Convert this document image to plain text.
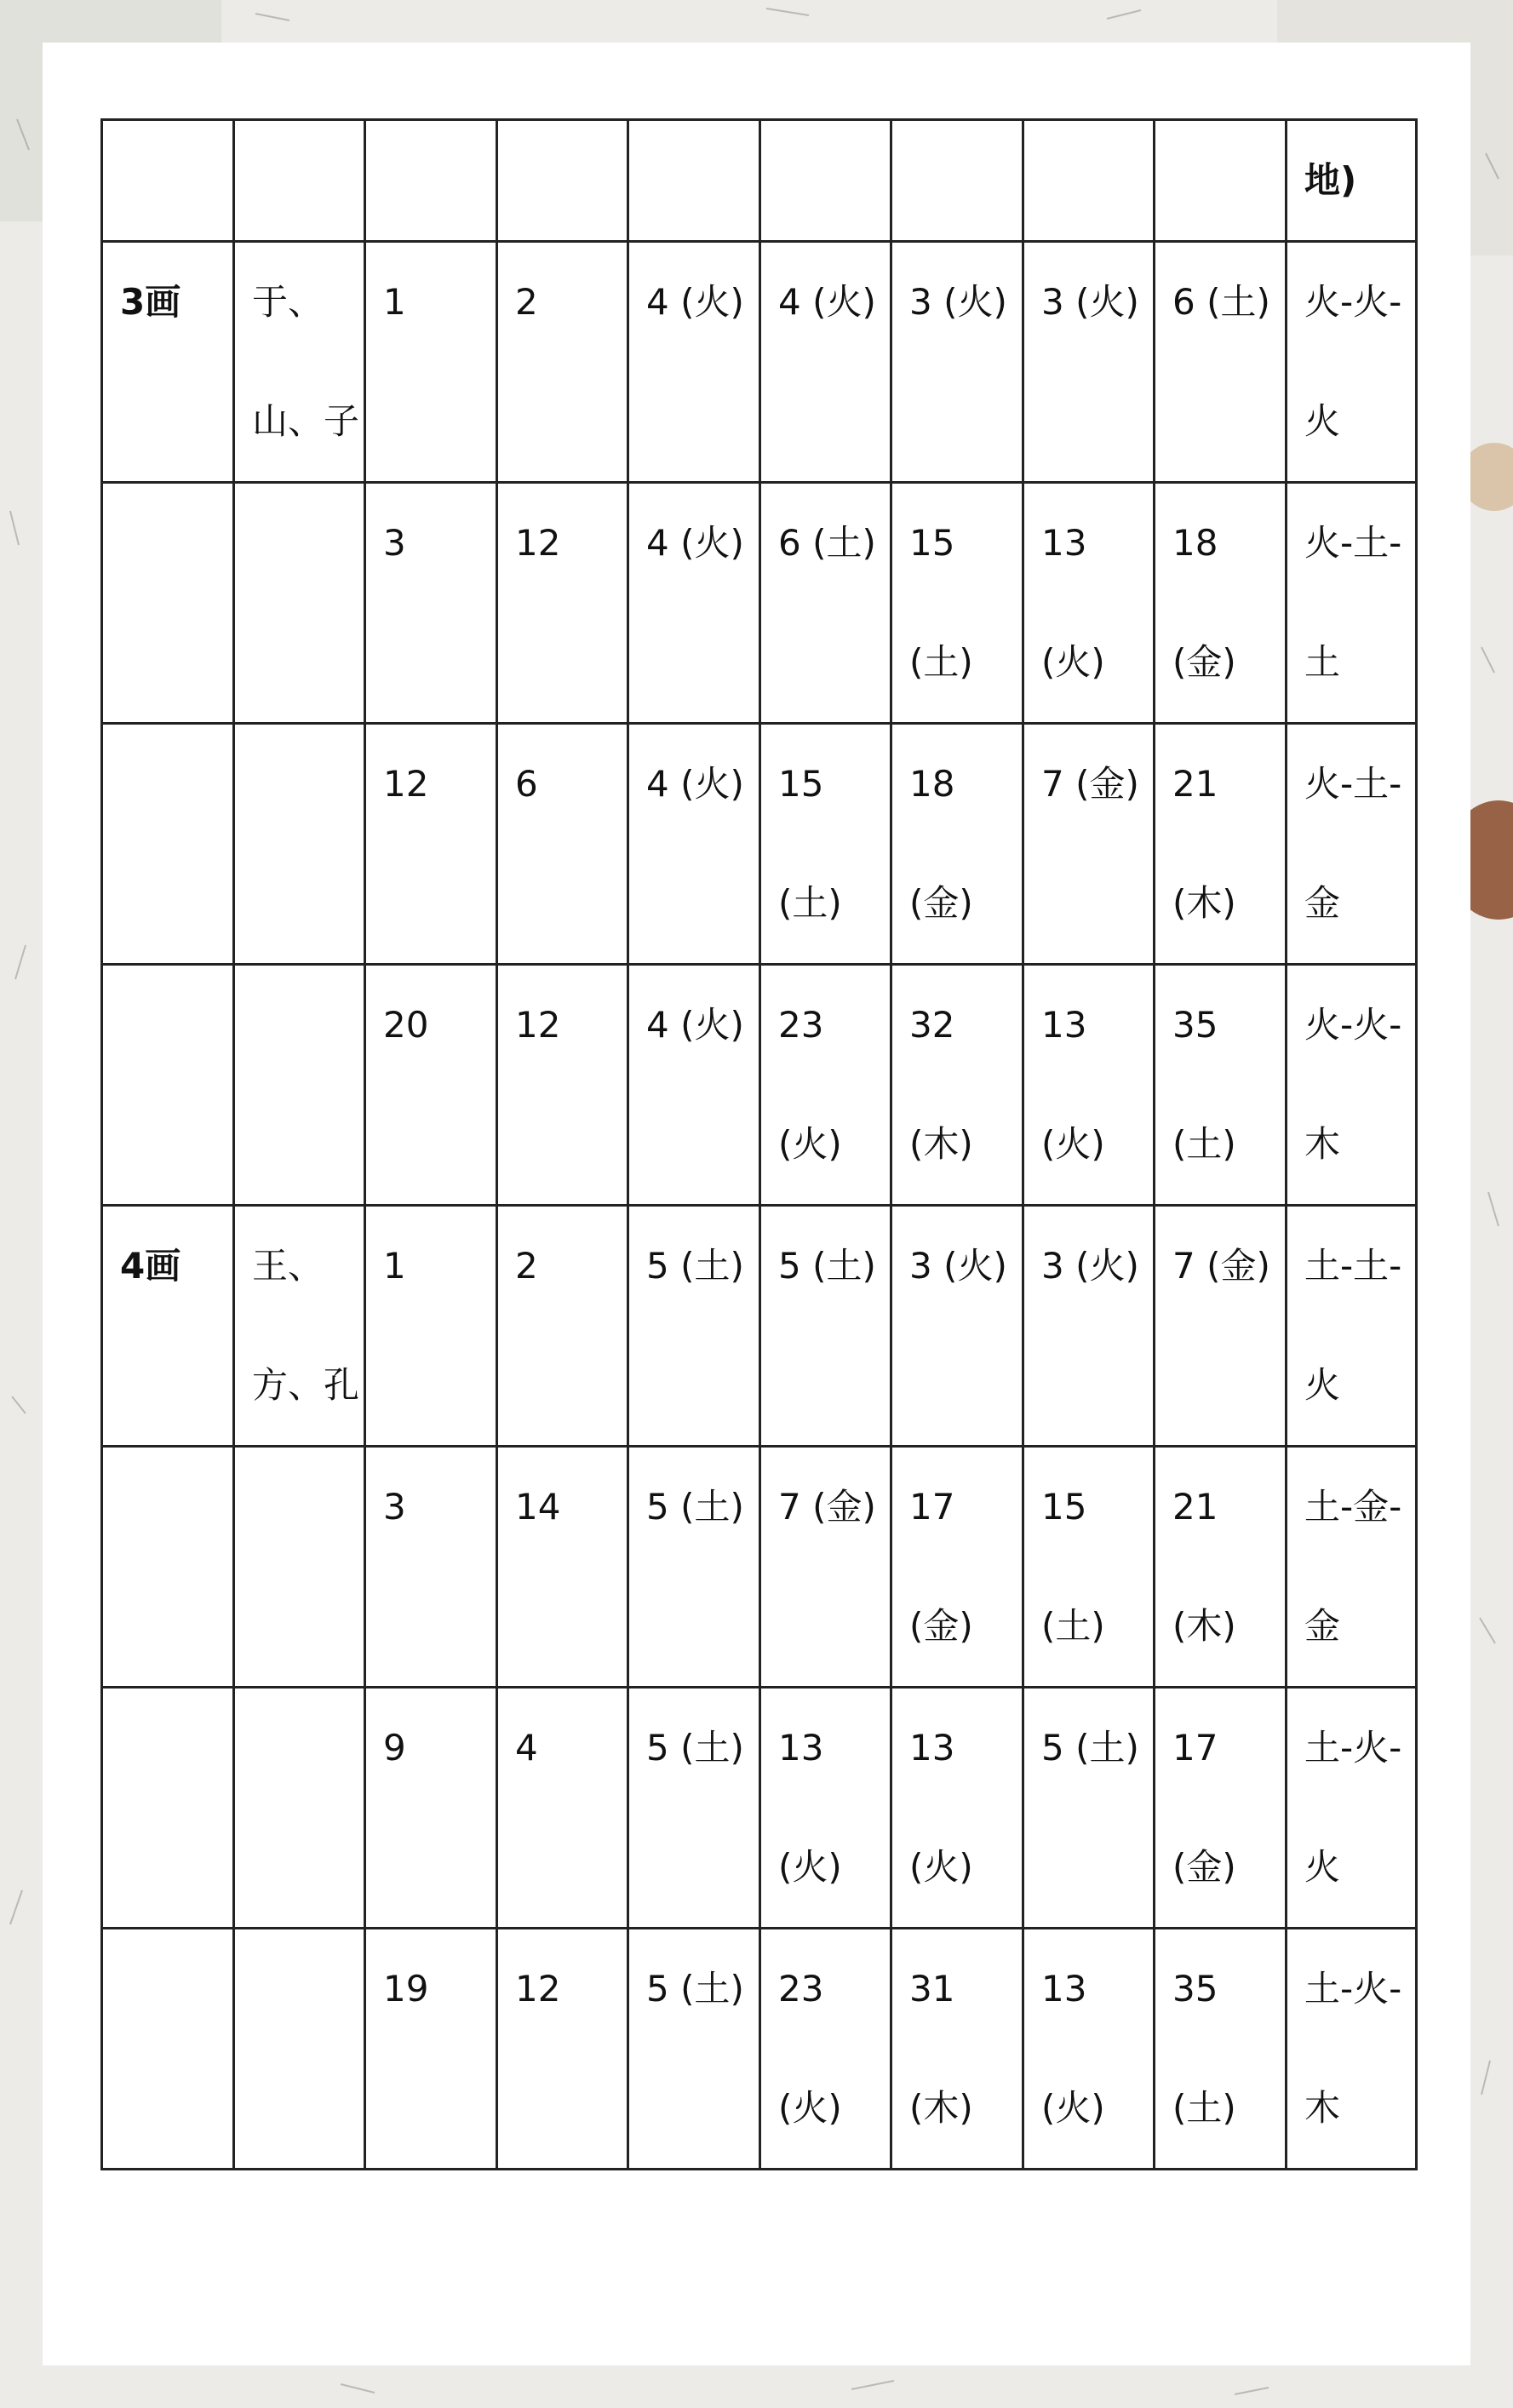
									地)
3画	于、山、子	1	2	4 (火)	4 (火)	3 (火)	3 (火)	6 (土)	火-火-火
		3	12	4 (火)	6 (土)	15 (土)	13 (火)	18 (金)	火-土-土
		12	6	4 (火)	15 (土)	18 (金)	7 (金)	21 (木)	火-土-金
		20	12	4 (火)	23 (火)	32 (木)	13 (火)	35 (土)	火-火-木
4画	王、方、孔	1	2	5 (土)	5 (土)	3 (火)	3 (火)	7 (金)	土-土-火
		3	14	5 (土)	7 (金)	17 (金)	15 (土)	21 (木)	土-金-金
		9	4	5 (土)	13 (火)	13 (火)	5 (土)	17 (金)	土-火-火
		19	12	5 (土)	23 (火)	31 (木)	13 (火)	35 (土)	土-火-木
